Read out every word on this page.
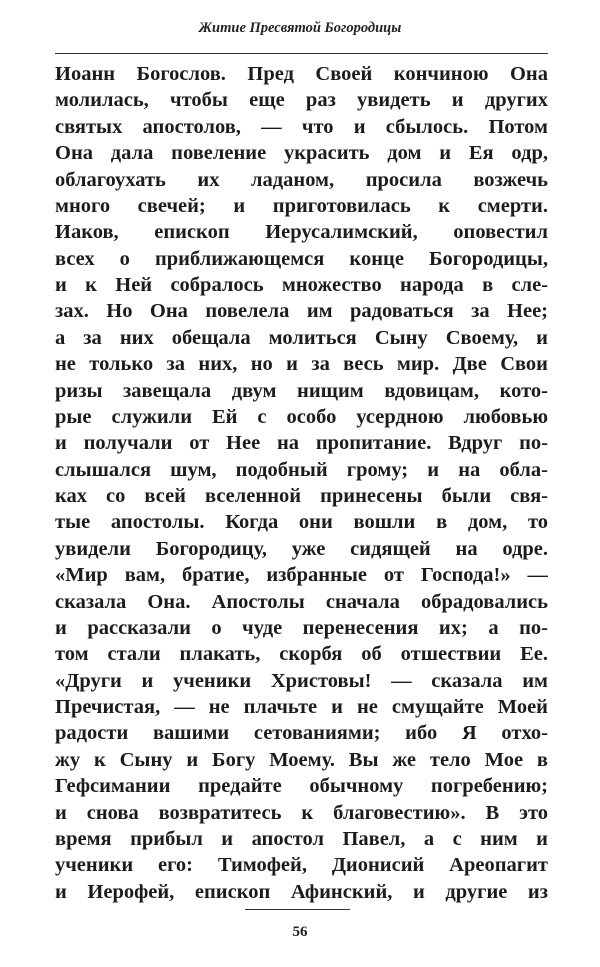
Житие Пресвятой Богородицы
Иоанн Богослов. Пред Своей кончиною Она
молилась, чтобы еще раз увидеть и других
святых апостолов, — что и сбылось. Потом
Она дала повеление украсить дом и Ея одр,
облагоухать их ладаном, просила возжечь
много свечей; и приготовилась к смерти.
Иаков, епископ Иерусалимский, оповестил
всех о приближающемся конце Богородицы,
и к Ней собралось множество народа в сле-
зах. Но Она повелела им радоваться за Нее;
а за них обещала молиться Сыну Своему, и
не только за них, но и за весь мир. Две Свои
ризы завещала двум нищим вдовицам, кото-
рые служили Ей с особо усердною любовью
и получали от Нее на пропитание. Вдруг по-
слышался шум, подобный грому; и на обла-
ках со всей вселенной принесены были свя-
тые апостолы. Когда они вошли в дом, то
увидели Богородицу, уже сидящей на одре.
«Мир вам, братие, избранные от Господа!» —
сказала Она. Апостолы сначала обрадовались
и рассказали о чуде перенесения их; а по-
том стали плакать, скорбя об отшествии Ее.
«Други и ученики Христовы! — сказала им
Пречистая, — не плачьте и не смущайте Моей
радости вашими сетованиями; ибо Я отхо-
жу к Сыну и Богу Моему. Вы же тело Мое в
Гефсимании предайте обычному погребению;
и снова возвратитесь к благовестию». В это
время прибыл и апостол Павел, а с ним и
ученики его: Тимофей, Дионисий Ареопагит
и Иерофей, епископ Афинский, и другие из
56
